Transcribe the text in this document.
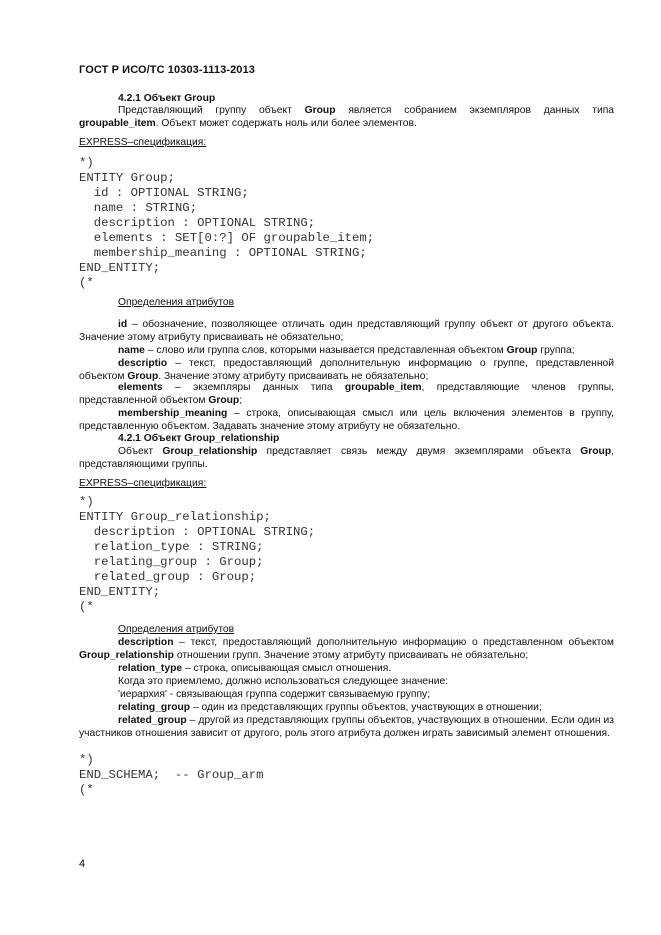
ГОСТ Р ИСО/ТС 10303-1113-2013
4.2.1 Объект Group
Представляющий группу объект Group является собранием экземпляров данных типа groupable_item. Объект может содержать ноль или более элементов.
EXPRESS–спецификация:
*)
ENTITY Group;
id : OPTIONAL STRING;
name : STRING;
description : OPTIONAL STRING;
elements : SET[0:?] OF groupable_item;
membership_meaning : OPTIONAL STRING;
END_ENTITY;
(*
Определения атрибутов
id – обозначение, позволяющее отличать один представляющий группу объект от другого объекта. Значение этому атрибуту присваивать не обязательно;
name – слово или группа слов, которыми называется представленная объектом Group группа;
descriptio – текст, предоставляющий дополнительную информацию о группе, представленной объектом Group. Значение этому атрибуту присваивать не обязательно;
elements – экземпляры данных типа groupable_item, представляющие членов группы, представленной объектом Group;
membership_meaning – строка, описывающая смысл или цель включения элементов в группу, представленную объектом. Задавать значение этому атрибуту не обязательно.
4.2.1 Объект Group_relationship
Объект Group_relationship представляет связь между двумя экземплярами объекта Group, представляющими группы.
EXPRESS–спецификация:
*)
ENTITY Group_relationship;
description : OPTIONAL STRING;
relation_type : STRING;
relating_group : Group;
related_group : Group;
END_ENTITY;
(*
Определения атрибутов
description – текст, предоставляющий дополнительную информацию о представленном объектом Group_relationship отношении групп. Значение этому атрибуту присваивать не обязательно;
relation_type – строка, описывающая смысл отношения.
Когда это приемлемо, должно использоваться следующее значение:
'иерархия' - связывающая группа содержит связываемую группу;
relating_group – один из представляющих группы объектов, участвующих в отношении;
related_group – другой из представляющих группы объектов, участвующих в отношении. Если один из участников отношения зависит от другого, роль этого атрибута должен играть зависимый элемент отношения.
*)
END_SCHEMA;  -- Group_arm
(*
4
